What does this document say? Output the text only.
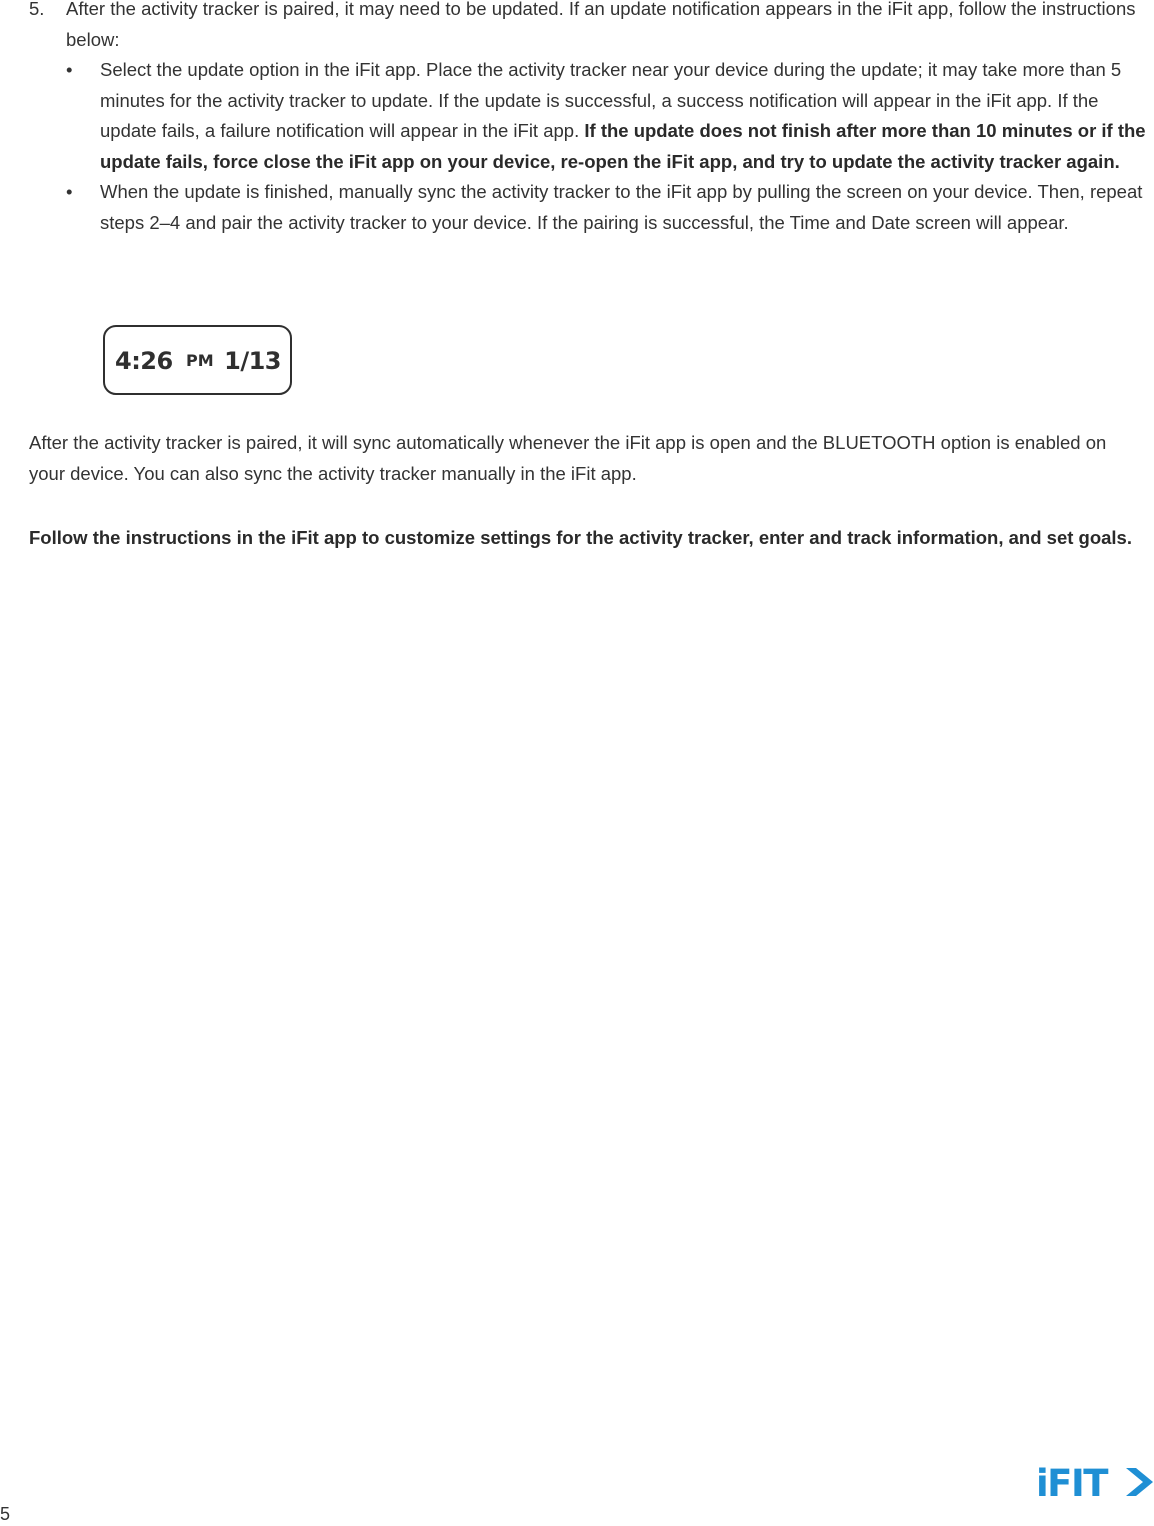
5. After the activity tracker is paired, it may need to be updated. If an update notification appears in the iFit app, follow the instructions below:
• Select the update option in the iFit app. Place the activity tracker near your device during the update; it may take more than 5 minutes for the activity tracker to update. If the update is successful, a success notification will appear in the iFit app. If the update fails, a failure notification will appear in the iFit app. If the update does not finish after more than 10 minutes or if the update fails, force close the iFit app on your device, re-open the iFit app, and try to update the activity tracker again.
• When the update is finished, manually sync the activity tracker to the iFit app by pulling the screen on your device. Then, repeat steps 2–4 and pair the activity tracker to your device. If the pairing is successful, the Time and Date screen will appear.
4:26 PM 1/13

After the activity tracker is paired, it will sync automatically whenever the iFit app is open and the BLUETOOTH option is enabled on your device. You can also sync the activity tracker manually in the iFit app.

Follow the instructions in the iFit app to customize settings for the activity tracker, enter and track information, and set goals.

5
iFIT
